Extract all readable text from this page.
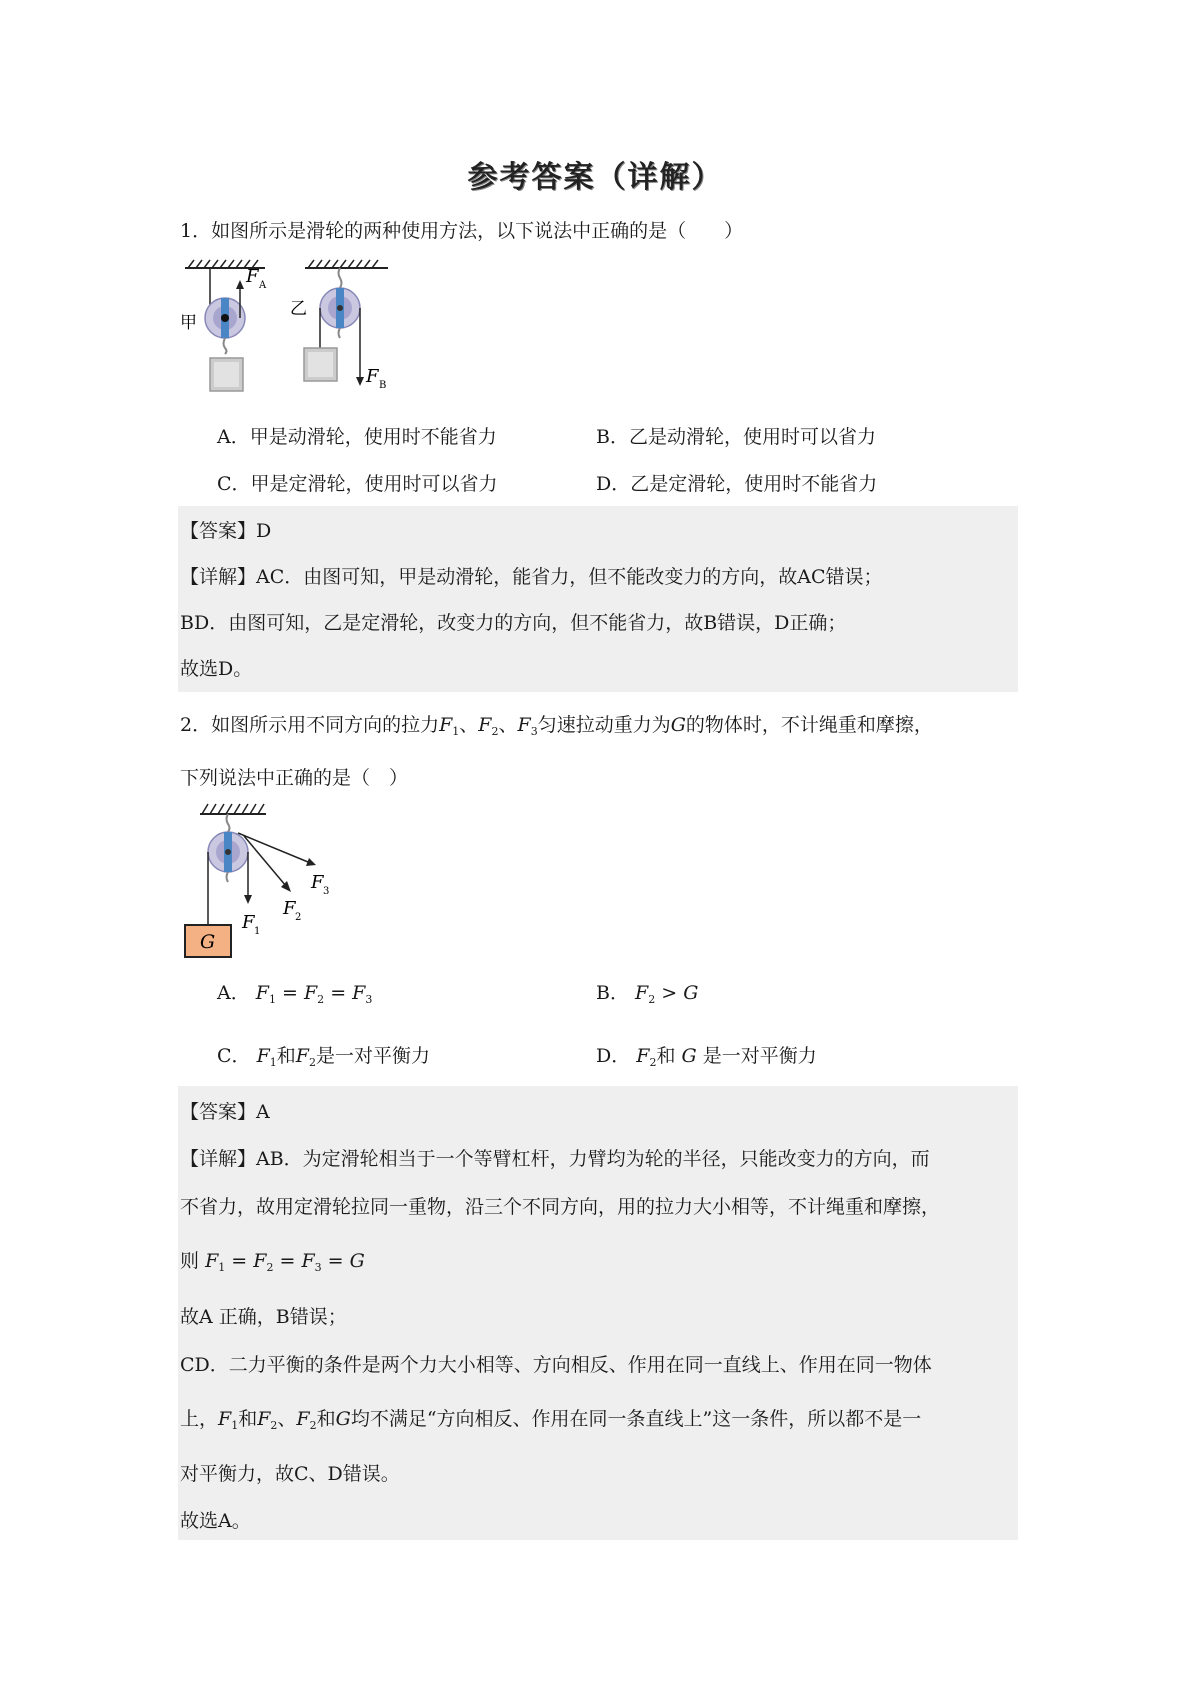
参考答案（详解）
1．如图所示是滑轮的两种使用方法，以下说法中正确的是（　　）
甲
F A
乙
F B
A．甲是动滑轮，使用时不能省力	B．乙是动滑轮，使用时可以省力
C．甲是定滑轮，使用时可以省力	D．乙是定滑轮，使用时不能省力
【答案】D
【详解】AC．由图可知，甲是动滑轮，能省力，但不能改变力的方向，故AC错误；
BD．由图可知，乙是定滑轮，改变力的方向，但不能省力，故B错误，D正确；
故选D。
2．如图所示用不同方向的拉力$F_1$、$F_2$、$F_3$匀速拉动重力为G的物体时，不计绳重和摩擦，
下列说法中正确的是（　）
G
F 1
F 2
F 3
A． $F_1 = F_2 = F_3$	B． $F_2 > G$
C． $F_1$和$F_2$是一对平衡力	D． $F_2$和 G 是一对平衡力
【答案】A
【详解】AB．为定滑轮相当于一个等臂杠杆，力臂均为轮的半径，只能改变力的方向，而
不省力，故用定滑轮拉同一重物，沿三个不同方向，用的拉力大小相等，不计绳重和摩擦，
则 $F_1 = F_2 = F_3 = G$
故A 正确，B错误；
CD．二力平衡的条件是两个力大小相等、方向相反、作用在同一直线上、作用在同一物体
上，$F_1$和$F_2$、$F_2$和G均不满足“方向相反、作用在同一条直线上”这一条件，所以都不是一
对平衡力，故C、D错误。
故选A。
